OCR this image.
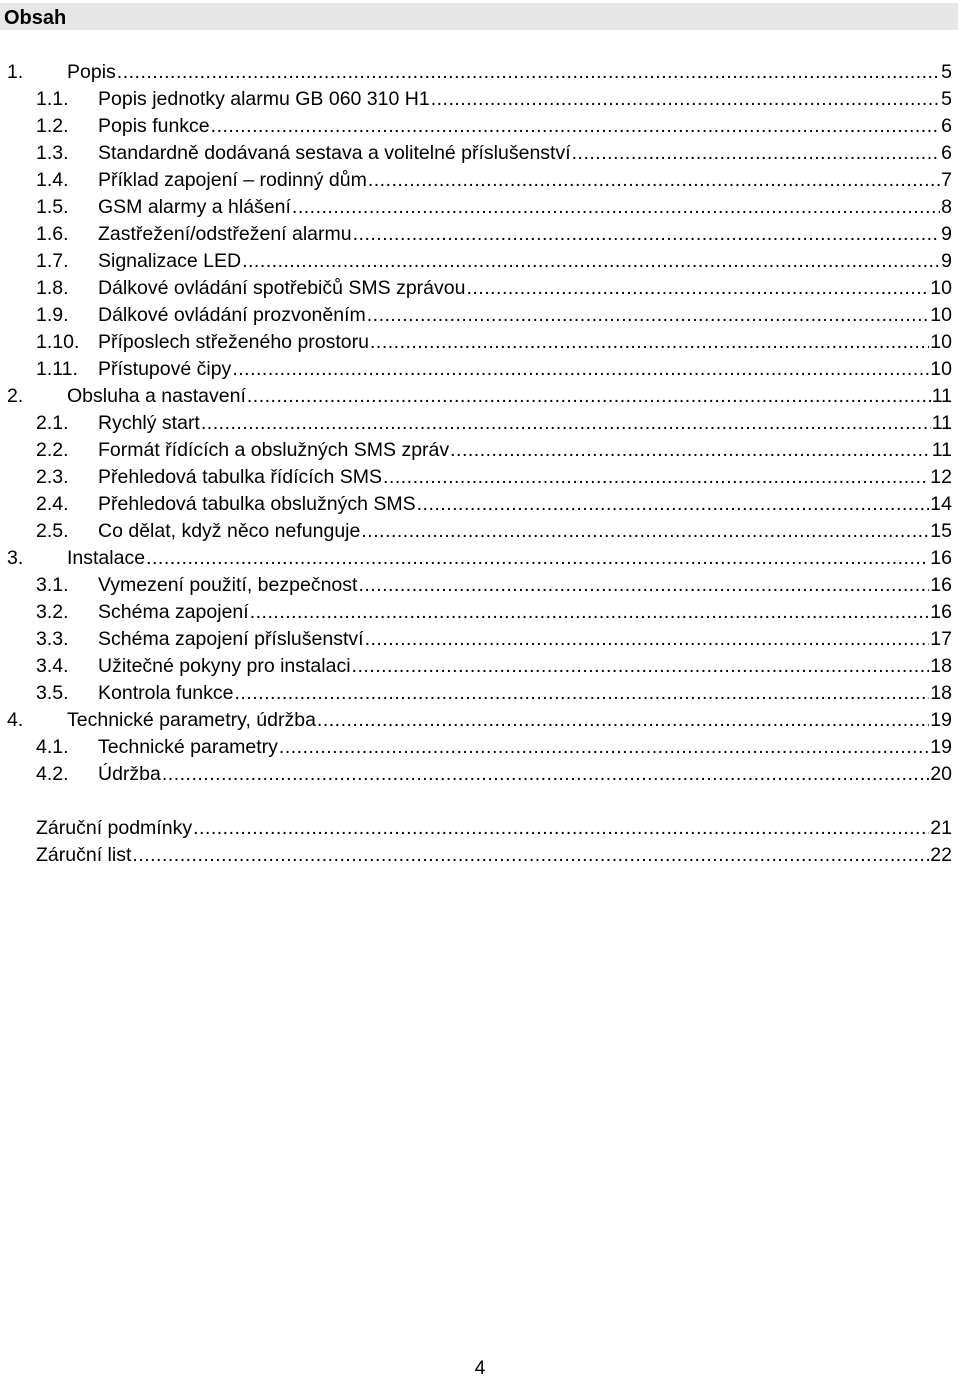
Obsah
1. Popis .....	5
1.1. Popis jednotky alarmu GB 060 310 H1 .....	5
1.2. Popis funkce .....	6
1.3. Standardně dodávaná sestava a volitelné příslušenství .....	6
1.4. Příklad zapojení – rodinný dům .....	7
1.5. GSM alarmy a hlášení .....	8
1.6. Zastřežení/odstřežení alarmu .....	9
1.7. Signalizace LED .....	9
1.8. Dálkové ovládání spotřebičů SMS zprávou .....	10
1.9. Dálkové ovládání prozvoněním .....	10
1.10. Příposlech střeženého prostoru .....	10
1.11. Přístupové čipy .....	10
2. Obsluha a nastavení .....	11
2.1. Rychlý start .....	11
2.2. Formát řídících a obslužných SMS zpráv .....	11
2.3. Přehledová tabulka řídících SMS .....	12
2.4. Přehledová tabulka obslužných SMS .....	14
2.5. Co dělat, když něco nefunguje .....	15
3. Instalace .....	16
3.1. Vymezení použití, bezpečnost .....	16
3.2. Schéma zapojení .....	16
3.3. Schéma zapojení příslušenství .....	17
3.4. Užitečné pokyny pro instalaci .....	18
3.5. Kontrola funkce .....	18
4. Technické parametry, údržba .....	19
4.1. Technické parametry .....	19
4.2. Údržba .....	20
Záruční podmínky .....	21
Záruční list .....	22
4
